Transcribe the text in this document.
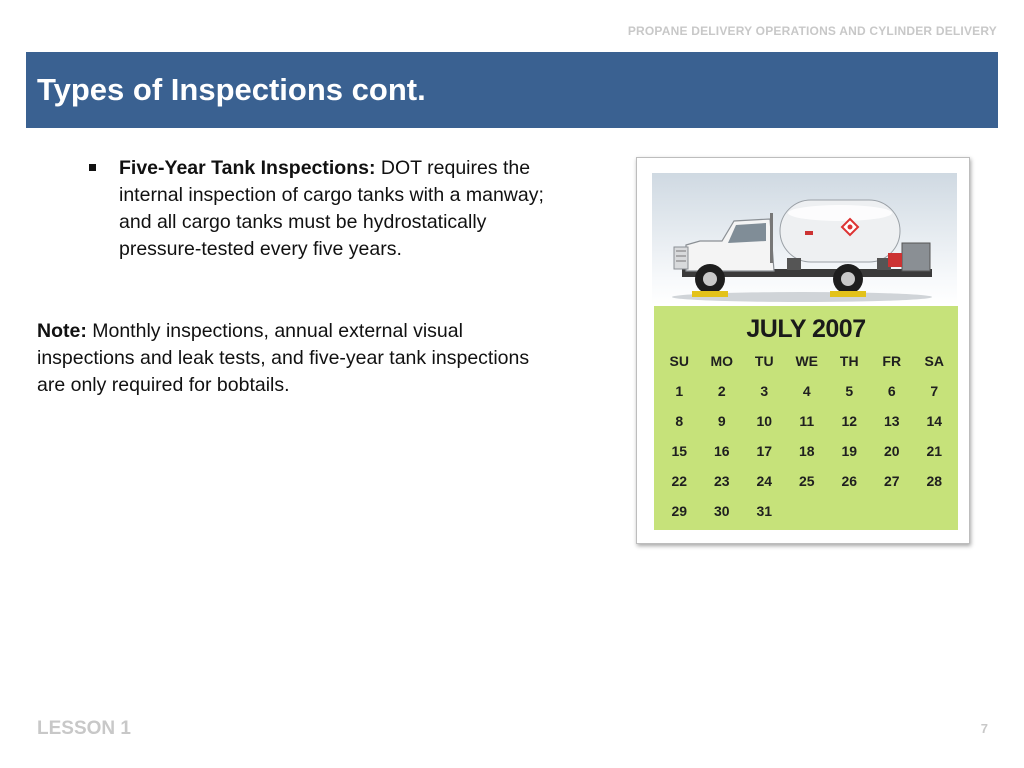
PROPANE DELIVERY OPERATIONS AND CYLINDER DELIVERY
Types of Inspections cont.
Five-Year Tank Inspections: DOT requires the internal inspection of cargo tanks with a manway; and all cargo tanks must be hydrostatically pressure-tested every five years.
Note: Monthly inspections, annual external visual inspections and leak tests, and five-year tank inspections are only required for bobtails.
JULY 2007
SU	MO	TU	WE	TH	FR	SA
1	2	3	4	5	6	7
8	9	10	11	12	13	14
15	16	17	18	19	20	21
22	23	24	25	26	27	28
29	30	31
LESSON 1	7
